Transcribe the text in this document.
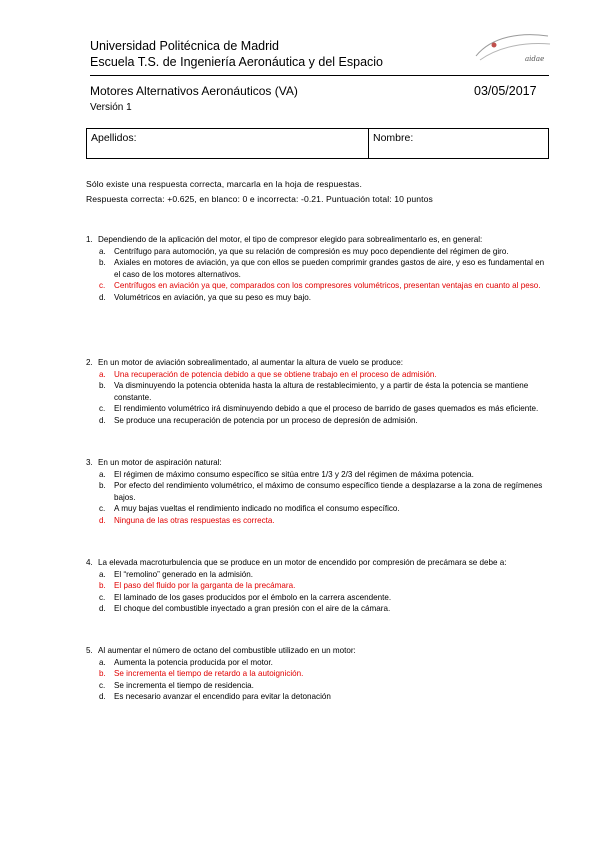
Universidad Politécnica de Madrid
Escuela T.S. de Ingeniería Aeronáutica y del Espacio	aidae
Motores Alternativos Aeronáuticos (VA)	03/05/2017
Versión 1
Apellidos:	Nombre:
Sólo existe una respuesta correcta, marcarla en la hoja de respuestas.
Respuesta correcta: +0.625, en blanco: 0 e incorrecta: -0.21. Puntuación total: 10 puntos
1. Dependiendo de la aplicación del motor, el tipo de compresor elegido para sobrealimentarlo es, en general:
a. Centrífugo para automoción, ya que su relación de compresión es muy poco dependiente del régimen de giro.
b. Axiales en motores de aviación, ya que con ellos se pueden comprimir grandes gastos de aire, y eso es fundamental en el caso de los motores alternativos.
c. Centrífugos en aviación ya que, comparados con los compresores volumétricos, presentan ventajas en cuanto al peso.
d. Volumétricos en aviación, ya que su peso es muy bajo.
2. En un motor de aviación sobrealimentado, al aumentar la altura de vuelo se produce:
a. Una recuperación de potencia debido a que se obtiene trabajo en el proceso de admisión.
b. Va disminuyendo la potencia obtenida hasta la altura de restablecimiento, y a partir de ésta la potencia se mantiene constante.
c. El rendimiento volumétrico irá disminuyendo debido a que el proceso de barrido de gases quemados es más eficiente.
d. Se produce una recuperación de potencia por un proceso de depresión de admisión.
3. En un motor de aspiración natural:
a. El régimen de máximo consumo específico se sitúa entre 1/3 y 2/3 del régimen de máxima potencia.
b. Por efecto del rendimiento volumétrico, el máximo de consumo específico tiende a desplazarse a la zona de regímenes bajos.
c. A muy bajas vueltas el rendimiento indicado no modifica el consumo específico.
d. Ninguna de las otras respuestas es correcta.
4. La elevada macroturbulencia que se produce en un motor de encendido por compresión de precámara se debe a:
a. El “remolino” generado en la admisión.
b. El paso del fluido por la garganta de la precámara.
c. El laminado de los gases producidos por el émbolo en la carrera ascendente.
d. El choque del combustible inyectado a gran presión con el aire de la cámara.
5. Al aumentar el número de octano del combustible utilizado en un motor:
a. Aumenta la potencia producida por el motor.
b. Se incrementa el tiempo de retardo a la autoignición.
c. Se incrementa el tiempo de residencia.
d. Es necesario avanzar el encendido para evitar la detonación
